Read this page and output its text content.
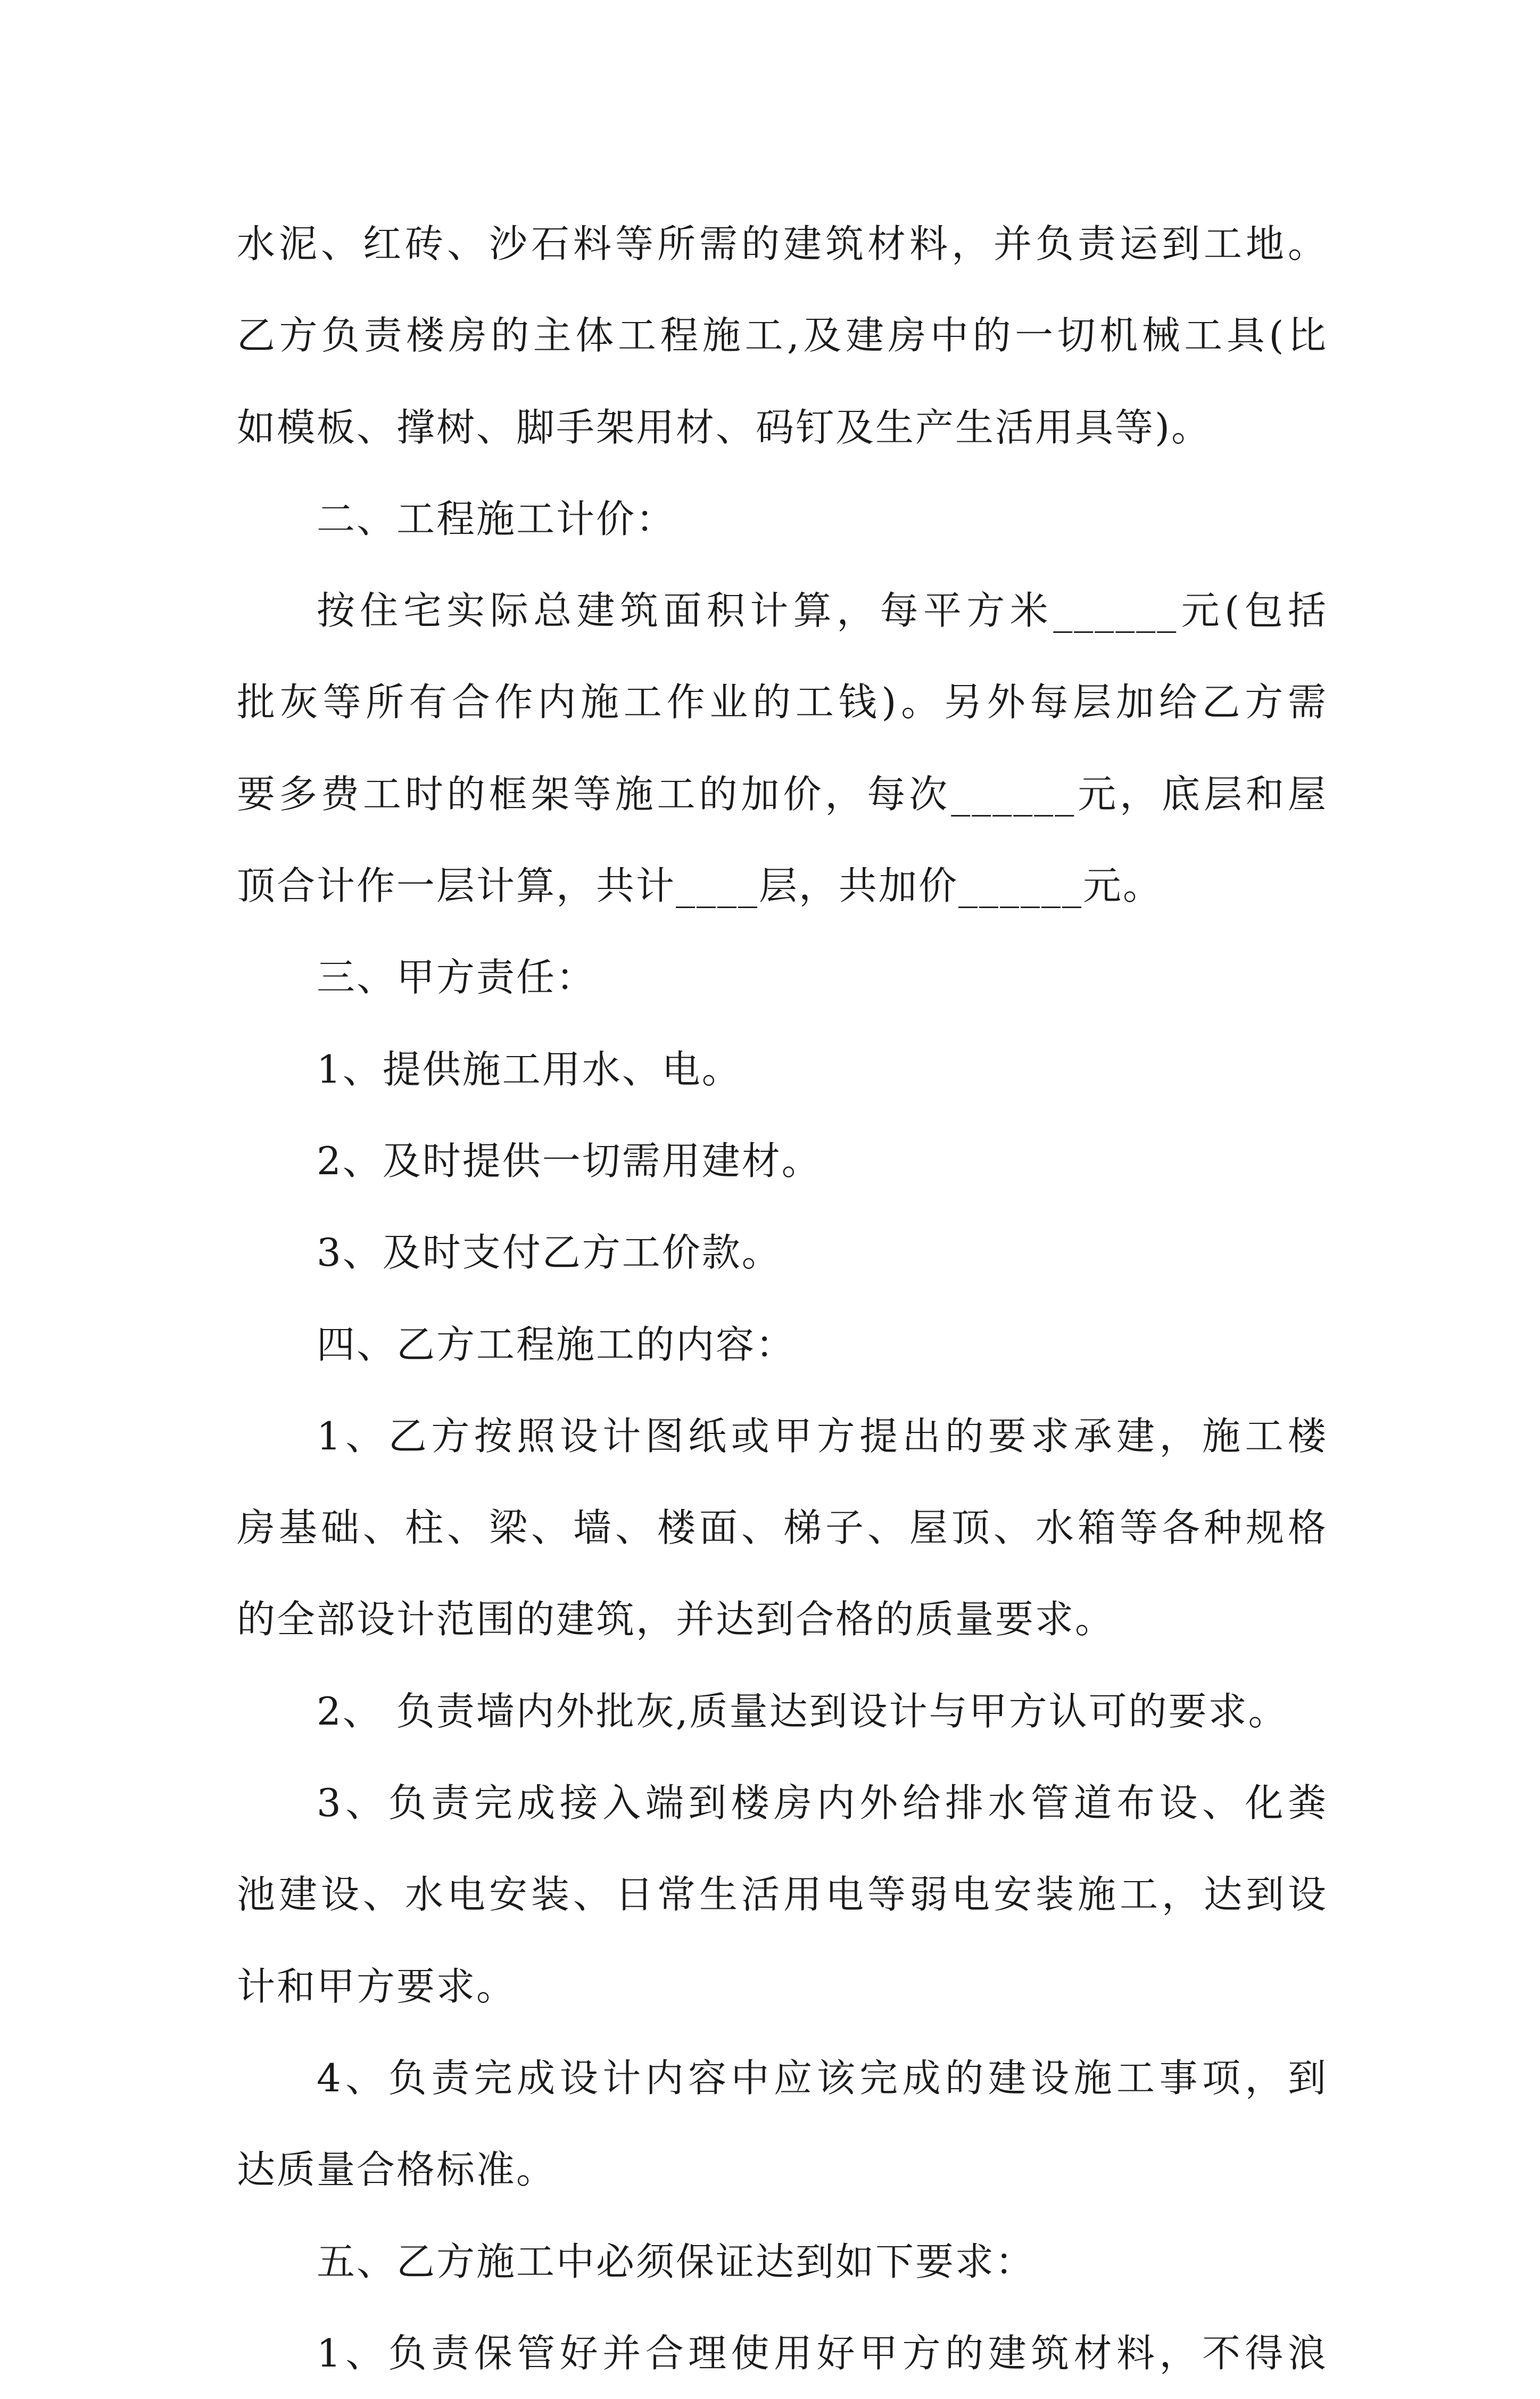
水泥、红砖、沙石料等所需的建筑材料，并负责运到工地。
乙方负责楼房的主体工程施工,及建房中的一切机械工具(比
如模板、撑树、脚手架用材、码钉及生产生活用具等)。
二、工程施工计价：
按住宅实际总建筑面积计算，每平方米______元(包括
批灰等所有合作内施工作业的工钱)。另外每层加给乙方需
要多费工时的框架等施工的加价，每次______元，底层和屋
顶合计作一层计算，共计____层，共加价______元。
三、甲方责任：
1、提供施工用水、电。
2、及时提供一切需用建材。
3、及时支付乙方工价款。
四、乙方工程施工的内容：
1、乙方按照设计图纸或甲方提出的要求承建，施工楼
房基础、柱、梁、墙、楼面、梯子、屋顶、水箱等各种规格
的全部设计范围的建筑，并达到合格的质量要求。
2、 负责墙内外批灰,质量达到设计与甲方认可的要求。
3、负责完成接入端到楼房内外给排水管道布设、化粪
池建设、水电安装、日常生活用电等弱电安装施工，达到设
计和甲方要求。
4、负责完成设计内容中应该完成的建设施工事项，到
达质量合格标准。
五、乙方施工中必须保证达到如下要求：
1、负责保管好并合理使用好甲方的建筑材料，不得浪
